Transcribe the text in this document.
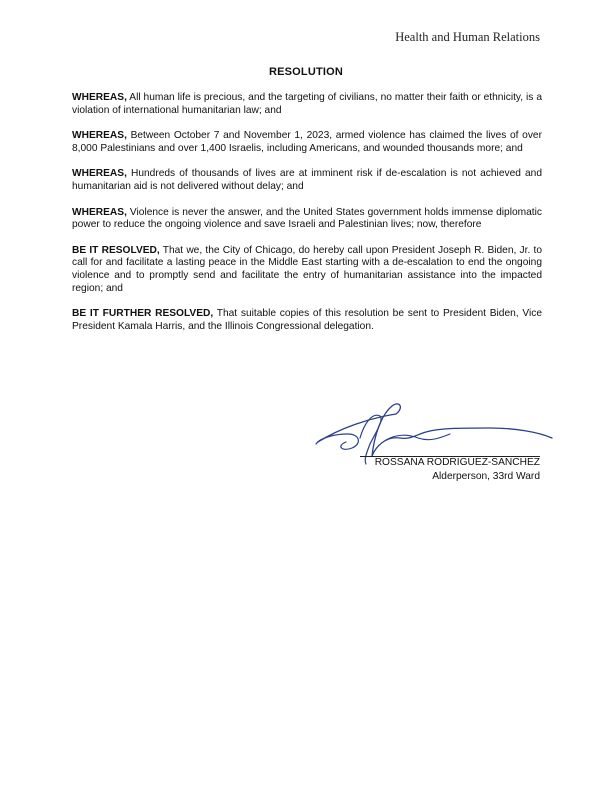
Health and Human Relations
RESOLUTION

WHEREAS, All human life is precious, and the targeting of civilians, no matter their faith or ethnicity, is a violation of international humanitarian law; and

WHEREAS, Between October 7 and November 1, 2023, armed violence has claimed the lives of over 8,000 Palestinians and over 1,400 Israelis, including Americans, and wounded thousands more; and

WHEREAS, Hundreds of thousands of lives are at imminent risk if de-escalation is not achieved and humanitarian aid is not delivered without delay; and

WHEREAS, Violence is never the answer, and the United States government holds immense diplomatic power to reduce the ongoing violence and save Israeli and Palestinian lives; now, therefore

BE IT RESOLVED, That we, the City of Chicago, do hereby call upon President Joseph R. Biden, Jr. to call for and facilitate a lasting peace in the Middle East starting with a de-escalation to end the ongoing violence and to promptly send and facilitate the entry of humanitarian assistance into the impacted region; and

BE IT FURTHER RESOLVED, That suitable copies of this resolution be sent to President Biden, Vice President Kamala Harris, and the Illinois Congressional delegation.

ROSSANA RODRIGUEZ-SANCHEZ
Alderperson, 33rd Ward
